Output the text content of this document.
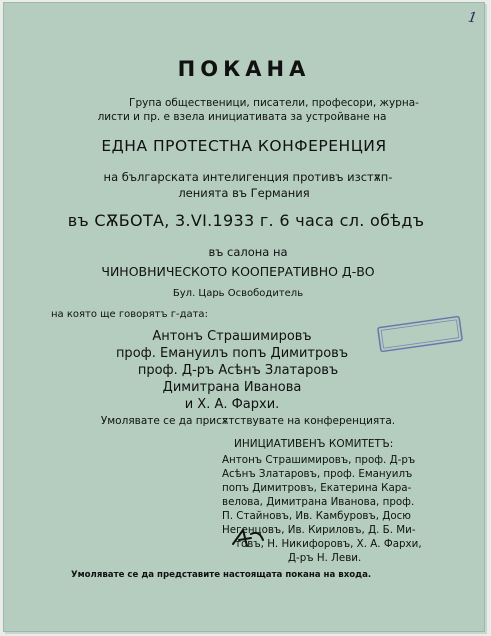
1
ПОКАНА
Група общественици, писатели, професори, журна-
листи и пр. е взела инициативата за устройване на
ЕДНА ПРОТЕСТНА КОНФЕРЕНЦИЯ
на българската интелигенция противъ изстѫп-
ленията въ Германия
въ СѪБОТА, 3.VI.1933 г. 6 часа сл. обѣдъ
въ салона на
ЧИНОВНИЧЕСКОТО КООПЕРАТИВНО Д-ВО
Бул. Царь Освободитель
на която ще говорятъ г-дата:
Антонъ Страшимировъ
проф. Емануилъ попъ Димитровъ
проф. Д-ръ Асѣнъ Златаровъ
Димитрана Иванова
и Х. А. Фархи.
Умолявате се да присѫтствувате на конференцията.
ИНИЦИАТИВЕНЪ КОМИТЕТЪ:
Антонъ Страшимировъ, проф. Д-ръ
Асѣнъ Златаровъ, проф. Емануилъ
попъ Димитровъ, Екатерина Кара-
велова, Димитрана Иванова, проф.
П. Стайновъ, Ив. Камбуровъ, Досю
Негенцовъ, Ив. Кириловъ, Д. Б. Ми-
товъ, Н. Никифоровъ, Х. А. Фархи,
Д-ръ Н. Леви.
Умолявате се да представите настоящата покана на входа.
